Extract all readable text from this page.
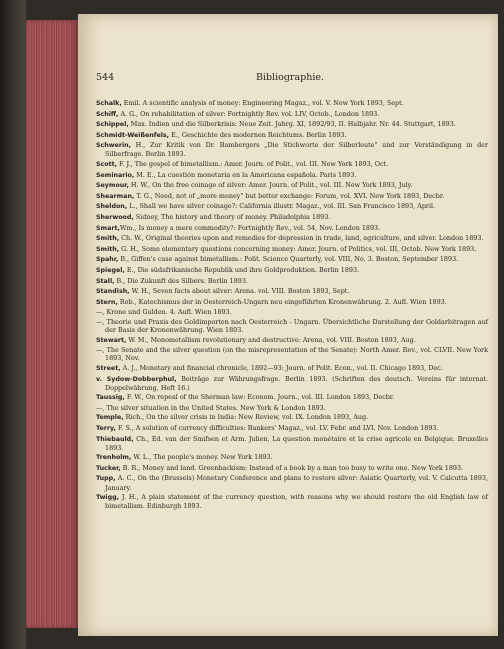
544	Bibliographie.

Schalk, Emil. A scientific analysis of money: Engineering Magaz., vol. V. New York 1893, Sept.

Schiff, A. G., On rehabilitation of silver: Fortnightly Rev. vol. LIV, Octob., London 1893.

Schippel, Max. Indien und die Silberkrisis: Neue Zeit. Jahrg. XI, 1892/93, II. Halbjahr. Nr. 44. Stuttgart, 1893.

Schmidt-Weißenfels, E., Geschichte des modernen Reichtums. Berlin 1893.

Schwerin, H., Zur Kritik von Dr. Bambergers „Die Stichworte der Silberleute" und zur Verständigung in der Silberfrage. Berlin 1893.

Scott, F. J., The gospel of bimetallism.: Amer. Journ. of Polit., vol. III. New York 1893, Oct.

Seminario, M. E., La cuestión monetaria en la Americana española. Paris 1893.

Seymour, H. W., On the free coinage of silver: Amer. Journ. of Polit., vol. III. New York 1893, July.

Shearman, T. G., Need, not of „more money" but better exchange: Forum, vol. XVI. New York 1893, Decbr.

Sheldon, L., Shall we have silver coinage?: California illustr. Magaz., vol. III. San Francisco 1893, April.

Sherwood, Sidney, The history and theory of money. Philadelphia 1893.

Smart,Wm., Is money a mere commodity?: Fortnightly Rev., vol. 54, Nov. London 1893.

Smith, Ch. W., Original theories upon and remedies for depression in trade, land, agriculture, and silver. London 1893.

Smith, G. H., Some elementary questions concerning money: Amer. Journ. of Politics, vol. III, Octob. New York 1893.

Spahr, B., Giffen's case against bimetallism.: Polit. Science Quarterly, vol. VIII, No. 3. Boston, September 1893.

Spiegel, E., Die südafrikanische Republik und ihre Goldproduktion. Berlin 1893.

Stall, B., Die Zukunft des Silbers. Berlin 1893.

Standish, W. H., Seven facts about silver: Arena. vol. VIII. Boston 1893, Sept.

Stern, Rob., Katechismus der in Oesterreich-Ungarn neu eingeführten Kronenwährung. 2. Aufl. Wien 1893.

—, Krone und Gulden. 4. Aufl. Wien 1893.

—, Theorie und Praxis des Goldimporten nach Oesterreich - Ungarn. Übersichtliche Darstellung der Goldarbitragen auf der Basis der Kronenwährung. Wien 1893.

Stewart, W. M., Monometallism revolutionary and destructive: Arena, vol. VIII. Boston 1893, Aug.

—, The Senate and the silver question (on the misrepresentation of the Senate): North Amer. Rev., vol. CLVII. New York 1893, Nov.

Street, A. J., Monetary and financial chronicle, 1892—93: Journ. of Polit. Econ., vol. II. Chicago 1893, Dec.

v. Sydow-Dobberphul, Beiträge zur Währungsfrage. Berlin 1893. (Schriften des deutsch. Vereins für internat. Doppelwährung, Heft 16.)

Taussig, F. W., On repeal of the Sherman law: Econom. Journ., vol. III. London 1893, Decbr.

—, The silver situation in the United States. New York & London 1893.

Temple, Rich., On the silver crisis in India: New Review, vol. IX. London 1893, Aug.

Terry, F. S., A solution of currency difficulties: Bankers' Magaz., vol. LV. Febr. and LVI. Nov. London 1893.

Thiebauld, Ch., Ed. van der Smifsen et Arm. Julien, La question monétaire et la crise agricole en Belgique. Bruxelles 1893.

Trenholm, W. L., The people's money. New York 1893.

Tucker, B. R., Money and land. Greenbackism: Instead of a book by a man too busy to write one. New York 1893.

Tupp, A. C., On the (Brussels) Monetary Conference and plans to restore silver: Asiatic Quarterly, vol. V. Calcutta 1893, January.

Twigg, J. H., A plain statement of the currency question, with reasons why we should restore the old English law of bimetallism. Edinburgh 1893.
